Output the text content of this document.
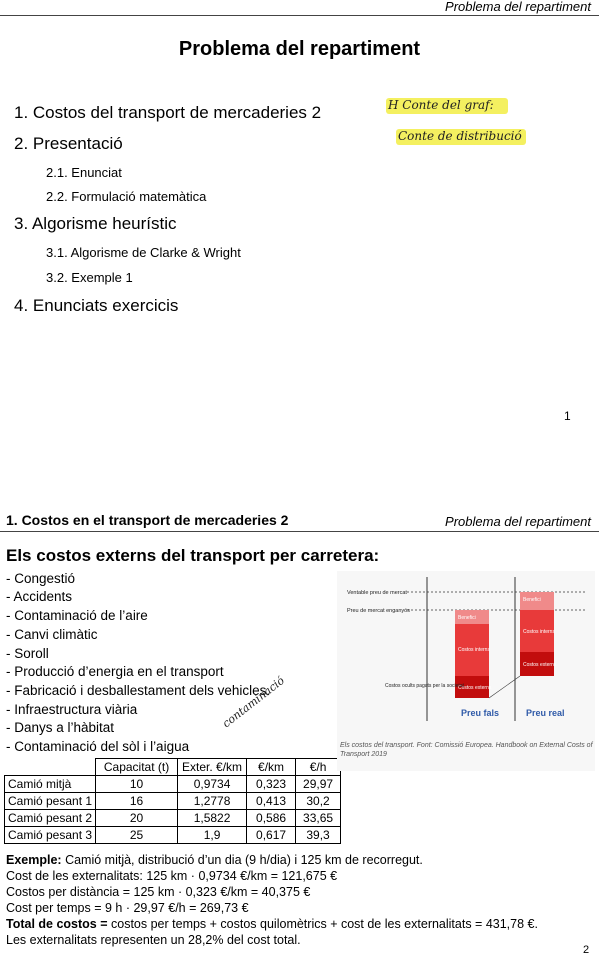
Problema del repartiment
Problema del repartiment
1. Costos del transport de mercaderies 2
2. Presentació
2.1. Enunciat
2.2. Formulació matemàtica
3. Algorisme heurístic
3.1. Algorisme de Clarke & Wright
3.2. Exemple 1
4. Enunciats exercicis
H Conte del graf:
Conte de distribució
1
1. Costos en el transport de mercaderies 2	Problema del repartiment
Els costos externs del transport per carretera:
- Congestió
- Accidents
- Contaminació de l’aire
- Canvi climàtic
- Soroll
- Producció d’energia en el transport
- Fabricació i desballestament dels vehicles.
- Infraestructura viària
- Danys a l’hàbitat
- Contaminació del sòl i l’aigua
contaminació
	Capacitat (t)	Exter. €/km	€/km	€/h
Camió mitjà	10	0,9734	0,323	29,97
Camió pesant 1	16	1,2778	0,413	30,2
Camió pesant 2	20	1,5822	0,586	33,65
Camió pesant 3	25	1,9	0,617	39,3
Ventable preu de mercat
Preu de mercat enganyós
Benefici
Benefici
Costos interns
Costos interns
Costos externs
Costos externs
Costos ocults pagats per la societat
Preu fals	Preu real
Els costos del transport. Font: Comissió Europea. Handbook on External Costs of Transport 2019
Exemple: Camió mitjà, distribució d’un dia (9 h/dia) i 125 km de recorregut.
Cost de les externalitats: 125 km · 0,9734 €/km = 121,675 €
Costos per distància = 125 km · 0,323 €/km = 40,375 €
Cost per temps = 9 h · 29,97 €/h = 269,73 €
Total de costos = costos per temps + costos quilomètrics + cost de les externalitats = 431,78 €.
Les externalitats representen un 28,2% del cost total.
2
